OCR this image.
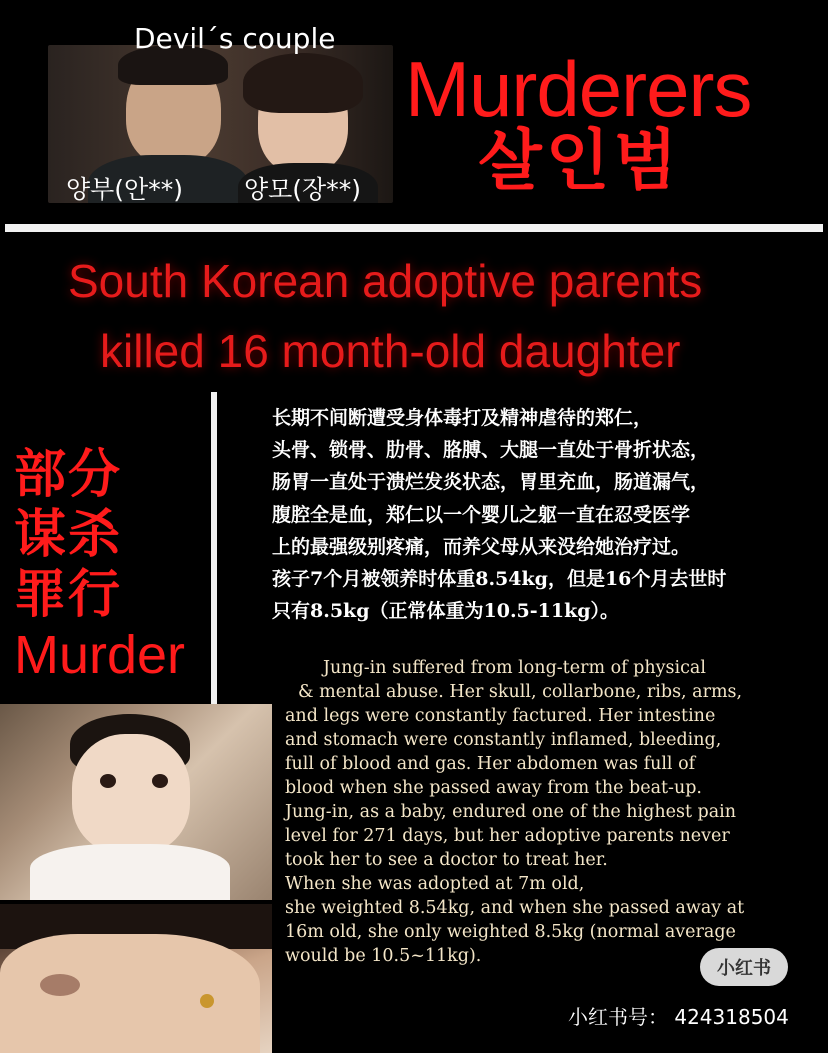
Devil´s couple
양부(안**) 양모(장**)
Murderers
살인범
South Korean adoptive parents
killed 16 month-old daughter
部分
谋杀
罪行
Murder
长期不间断遭受身体毒打及精神虐待的郑仁，
头骨、锁骨、肋骨、胳膊、大腿一直处于骨折状态，
肠胃一直处于溃烂发炎状态，胃里充血，肠道漏气，
腹腔全是血，郑仁以一个婴儿之躯一直在忍受医学
上的最强级别疼痛，而养父母从来没给她治疗过。
孩子7个月被领养时体重8.54kg，但是16个月去世时
只有8.5kg（正常体重为10.5-11kg）。
Jung-in suffered from long-term of physical
& mental abuse. Her skull, collarbone, ribs, arms,
and legs were constantly factured. Her intestine
and stomach were constantly inflamed, bleeding,
full of blood and gas. Her abdomen was full of
blood when she passed away from the beat-up.
Jung-in, as a baby, endured one of the highest pain
level for 271 days, but her adoptive parents never
took her to see a doctor to treat her.
When she was adopted at 7m old,
she weighted 8.54kg, and when she passed away at
16m old, she only weighted 8.5kg (normal average
would be 10.5~11kg).
小红书
小红书号： 424318504
